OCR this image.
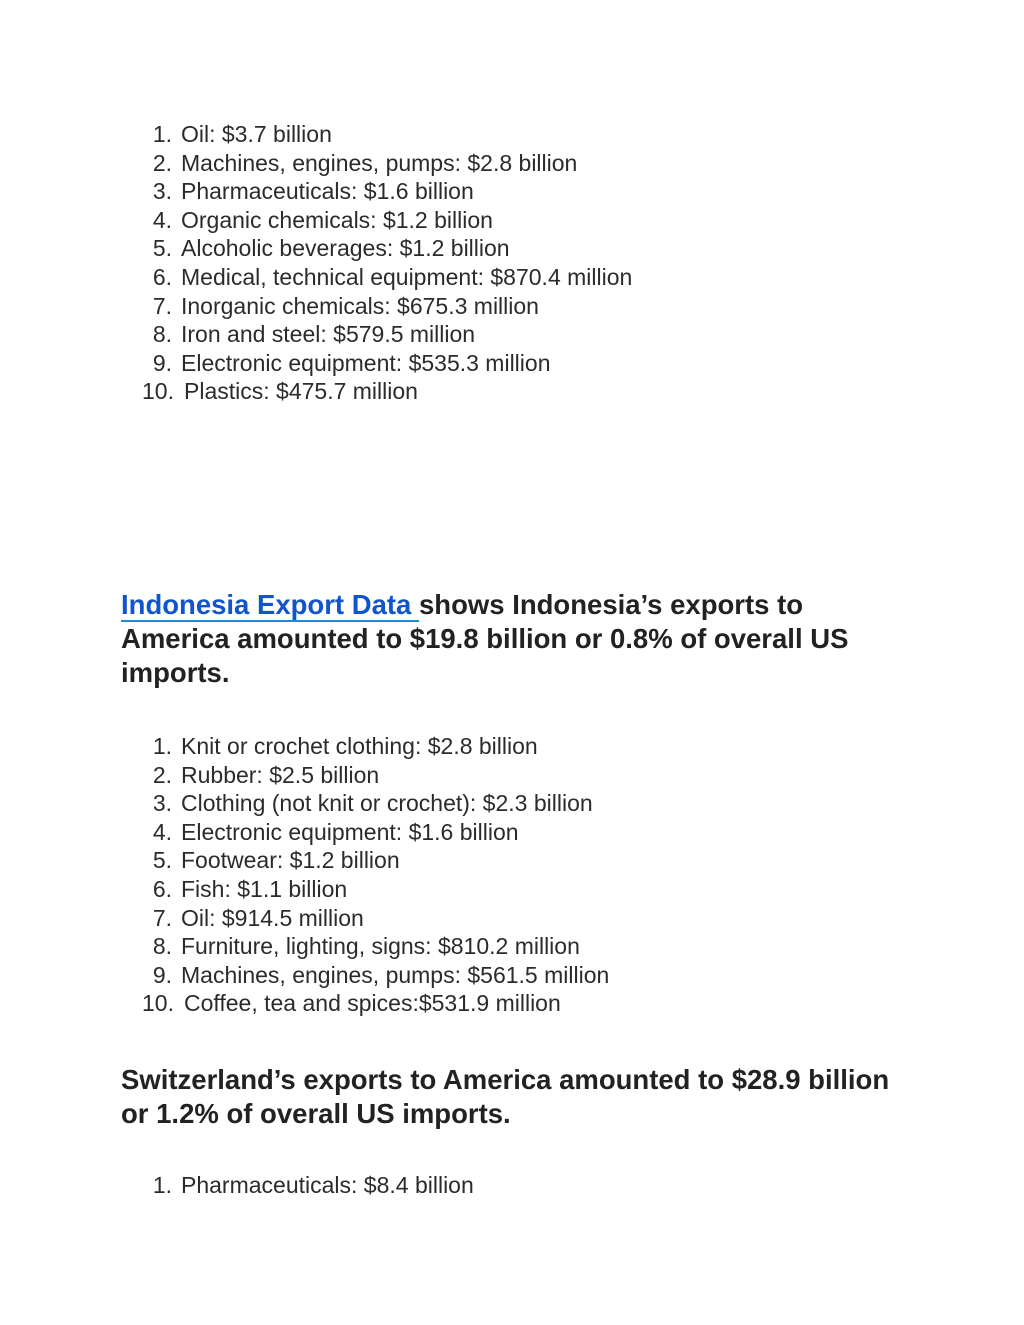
1. Oil: $3.7 billion
2. Machines, engines, pumps: $2.8 billion
3. Pharmaceuticals: $1.6 billion
4. Organic chemicals: $1.2 billion
5. Alcoholic beverages: $1.2 billion
6. Medical, technical equipment: $870.4 million
7. Inorganic chemicals: $675.3 million
8. Iron and steel: $579.5 million
9. Electronic equipment: $535.3 million
10. Plastics: $475.7 million
Indonesia Export Data shows Indonesia’s exports to America amounted to $19.8 billion or 0.8% of overall US imports.
1. Knit or crochet clothing: $2.8 billion
2. Rubber: $2.5 billion
3. Clothing (not knit or crochet): $2.3 billion
4. Electronic equipment: $1.6 billion
5. Footwear: $1.2 billion
6. Fish: $1.1 billion
7. Oil: $914.5 million
8. Furniture, lighting, signs: $810.2 million
9. Machines, engines, pumps: $561.5 million
10. Coffee, tea and spices:$531.9 million
Switzerland’s exports to America amounted to $28.9 billion or 1.2% of overall US imports.
1. Pharmaceuticals: $8.4 billion
